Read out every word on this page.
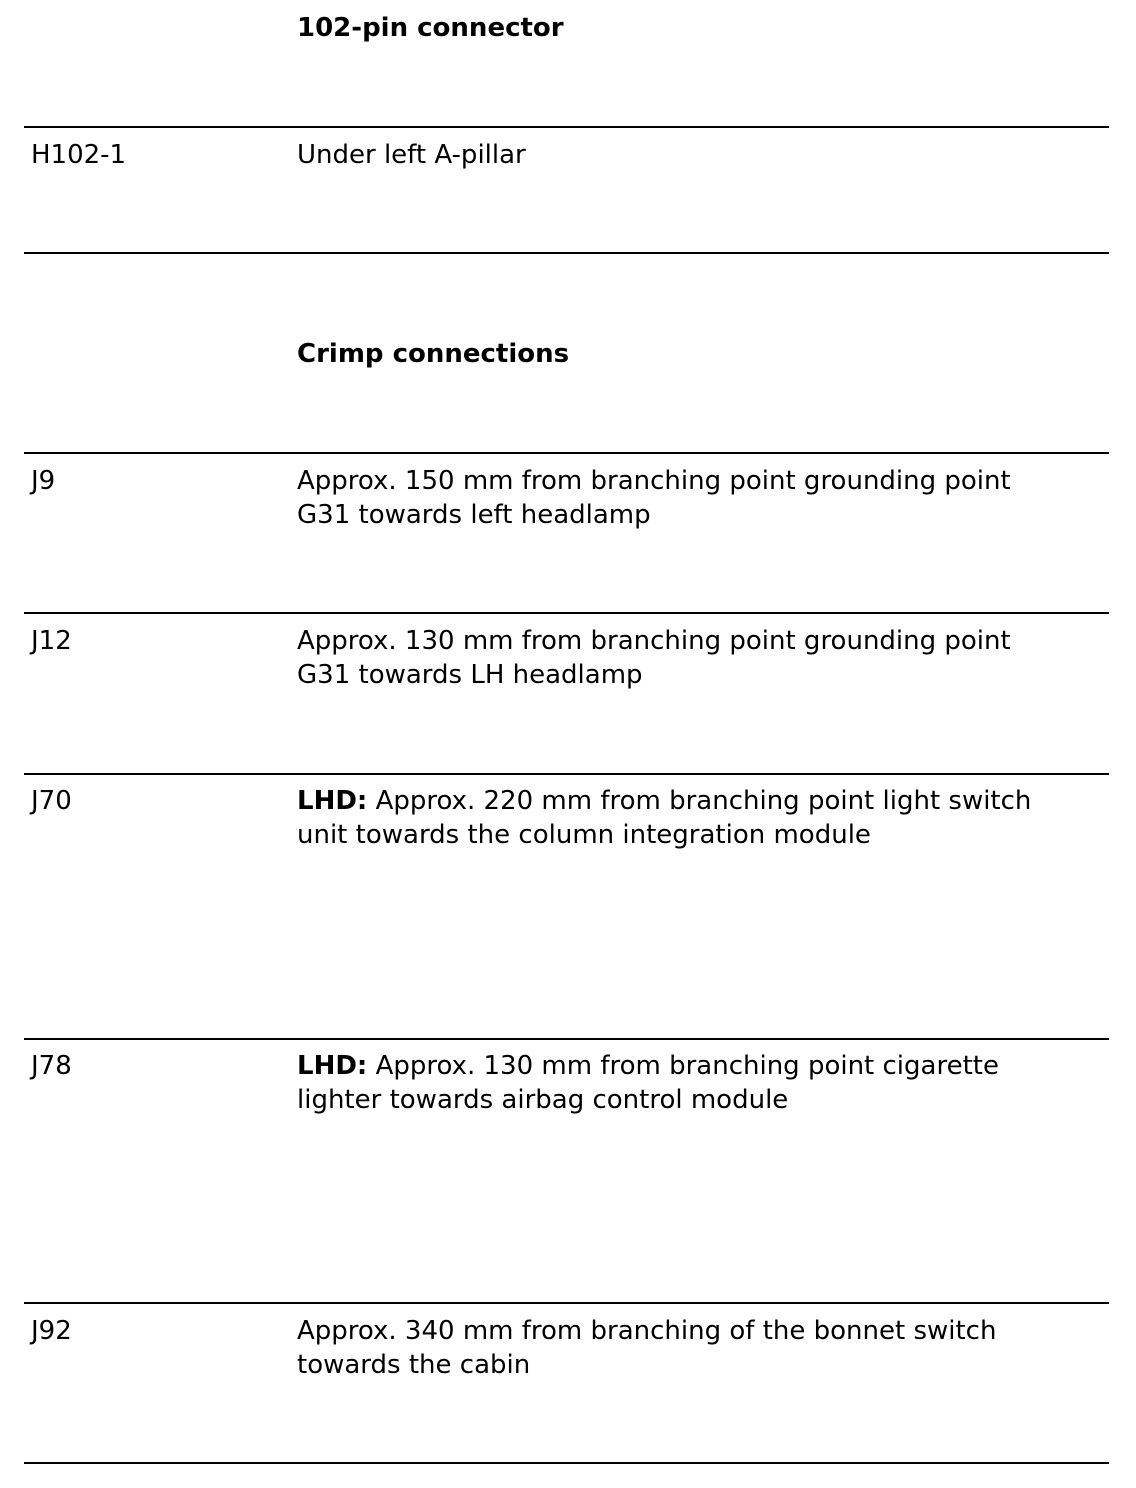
102-pin connector
H102-1	Under left A-pillar
Crimp connections
J9	Approx. 150 mm from branching point grounding point
G31 towards left headlamp
J12	Approx. 130 mm from branching point grounding point
G31 towards LH headlamp
J70	LHD: Approx. 220 mm from branching point light switch
unit towards the column integration module
J78	LHD: Approx. 130 mm from branching point cigarette
lighter towards airbag control module
J92	Approx. 340 mm from branching of the bonnet switch
towards the cabin
